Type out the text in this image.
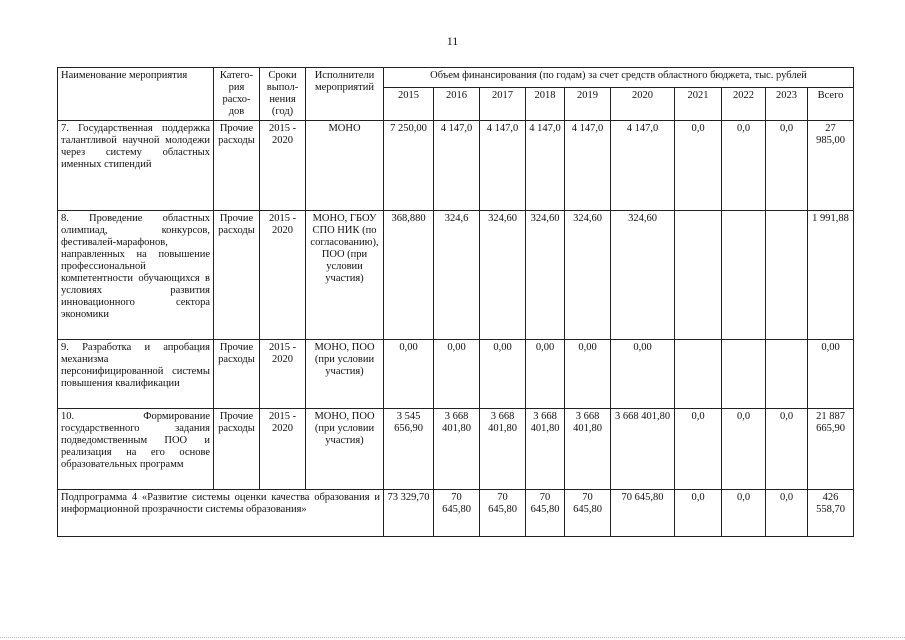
11
Наименование мероприятия	Катего-рия расхо-дов	Сроки выпол-нения (год)	Исполнители мероприятий	Объем финансирования (по годам) за счет средств областного бюджета, тыс. рублей									
				2015	2016	2017	2018	2019	2020	2021	2022	2023	Всего
7. Государственная поддержка талантливой научной молодежи через систему областных именных стипендий	Прочие расходы	2015 - 2020	МОНО	7 250,00	4 147,0	4 147,0	4 147,0	4 147,0	4 147,0	0,0	0,0	0,0	27 985,00
8. Проведение областных олимпиад, конкурсов, фестивалей-марафонов, направленных на повышение профессиональной компетентности обучающихся в условиях развития инновационного сектора экономики	Прочие расходы	2015 - 2020	МОНО, ГБОУ СПО НИК (по согласованию), ПОО (при условии участия)	368,880	324,6	324,60	324,60	324,60	324,60				1 991,88
9. Разработка и апробация механизма персонифицированной системы повышения квалификации	Прочие расходы	2015 - 2020	МОНО, ПОО (при условии участия)	0,00	0,00	0,00	0,00	0,00	0,00				0,00
10. Формирование государственного задания подведомственным ПОО и реализация на его основе образовательных программ	Прочие расходы	2015 - 2020	МОНО, ПОО (при условии участия)	3 545 656,90	3 668 401,80	3 668 401,80	3 668 401,80	3 668 401,80	3 668 401,80	0,0	0,0	0,0	21 887 665,90
Подпрограмма 4 «Развитие системы оценки качества образования и информационной прозрачности системы образования»				73 329,70	70 645,80	70 645,80	70 645,80	70 645,80	70 645,80	0,0	0,0	0,0	426 558,70
